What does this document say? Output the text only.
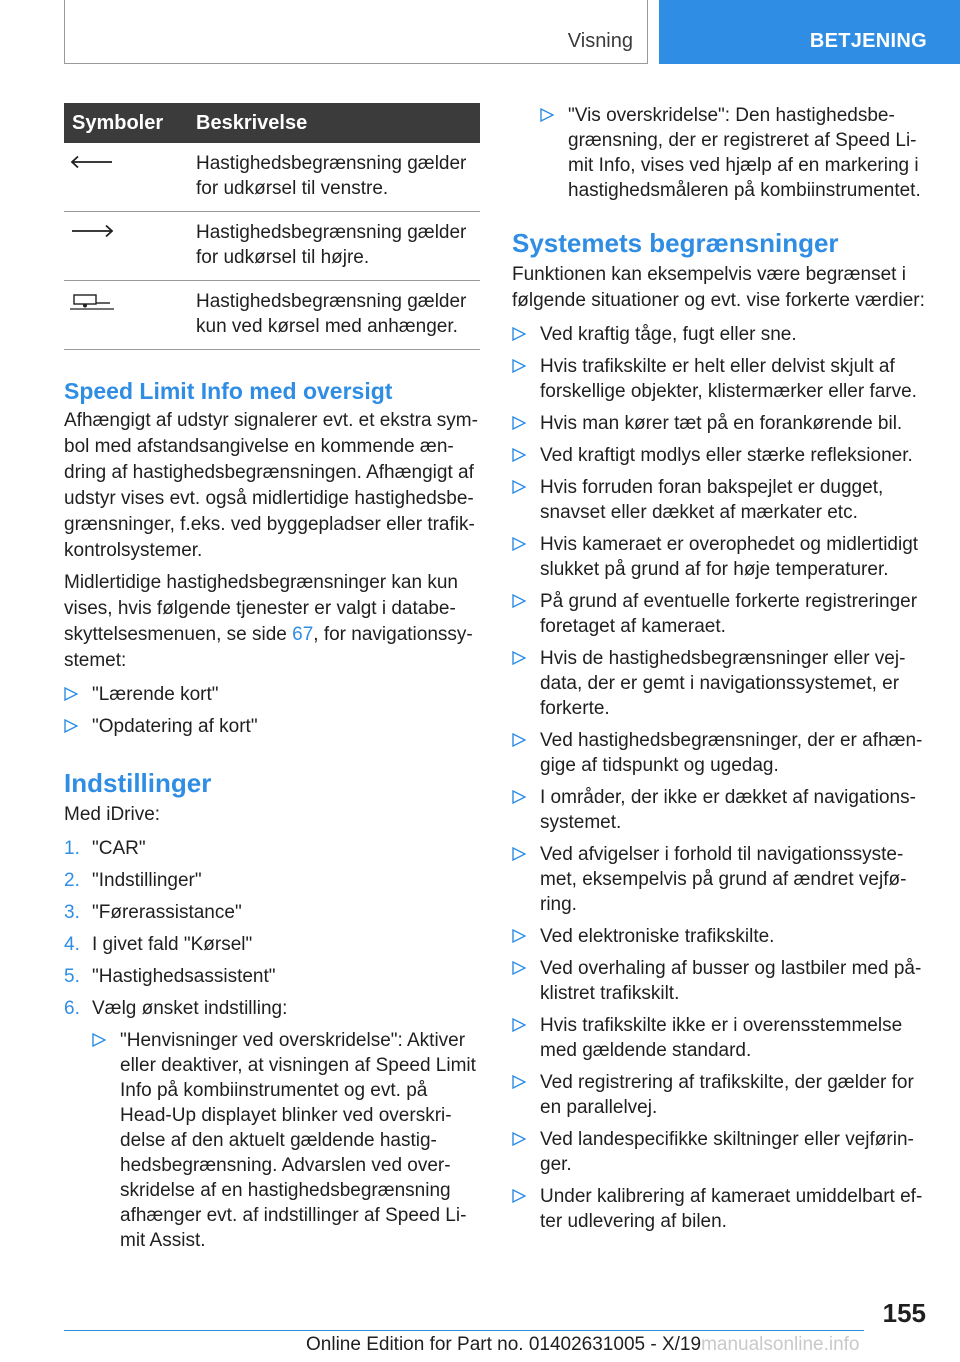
Visning	BETJENING
Symboler	Beskrivelse

	Hastighedsbegrænsning gælder for udkørsel til venstre.

	Hastighedsbegrænsning gælder for udkørsel til højre.

	Hastighedsbegrænsning gælder kun ved kørsel med anhænger.
Speed Limit Info med oversigt

Afhængigt af udstyr signalerer evt. et ekstra sym-bol med afstandsangivelse en kommende æn-dring af hastighedsbegrænsningen. Afhængigt af udstyr vises evt. også midlertidige hastighedsbe-grænsninger, f.eks. ved byggepladser eller trafik-kontrolsystemer.

Midlertidige hastighedsbegrænsninger kan kun vises, hvis følgende tjenester er valgt i databe-skyttelsesmenuen, se side 67, for navigationssy-stemet:

"Lærende kort"
"Opdatering af kort"
Indstillinger

Med iDrive:

1. "CAR"
2. "Indstillinger"
3. "Førerassistance"
4. I givet fald "Kørsel"
5. "Hastighedsassistent"
6. Vælg ønsket indstilling:
"Henvisninger ved overskridelse": Aktiver eller deaktiver, at visningen af Speed Limit Info på kombiinstrumentet og evt. på Head-Up displayet blinker ved overskri-delse af den aktuelt gældende hastig-hedsbegrænsning. Advarslen ved over-skridelse af en hastighedsbegrænsning afhænger evt. af indstillinger af Speed Li-mit Assist.
"Vis overskridelse": Den hastighedsbe-grænsning, der er registreret af Speed Li-mit Info, vises ved hjælp af en markering i hastighedsmåleren på kombiinstrumentet.
Systemets begrænsninger

Funktionen kan eksempelvis være begrænset i følgende situationer og evt. vise forkerte værdier:

Ved kraftig tåge, fugt eller sne.
Hvis trafikskilte er helt eller delvist skjult af forskellige objekter, klistermærker eller farve.
Hvis man kører tæt på en forankørende bil.
Ved kraftigt modlys eller stærke refleksioner.
Hvis forruden foran bakspejlet er dugget, snavset eller dækket af mærkater etc.
Hvis kameraet er overophedet og midlertidigt slukket på grund af for høje temperaturer.
På grund af eventuelle forkerte registreringer foretaget af kameraet.
Hvis de hastighedsbegrænsninger eller vej-data, der er gemt i navigationssystemet, er forkerte.
Ved hastighedsbegrænsninger, der er afhæn-gige af tidspunkt og ugedag.
I områder, der ikke er dækket af navigations-systemet.
Ved afvigelser i forhold til navigationssyste-met, eksempelvis på grund af ændret vejfø-ring.
Ved elektroniske trafikskilte.
Ved overhaling af busser og lastbiler med på-klistret trafikskilt.
Hvis trafikskilte ikke er i overensstemmelse med gældende standard.
Ved registrering af trafikskilte, der gælder for en parallelvej.
Ved landespecifikke skiltninger eller vejførin-ger.
Under kalibrering af kameraet umiddelbart ef-ter udlevering af bilen.
155
Online Edition for Part no. 01402631005 - X/19manualsonline.info
